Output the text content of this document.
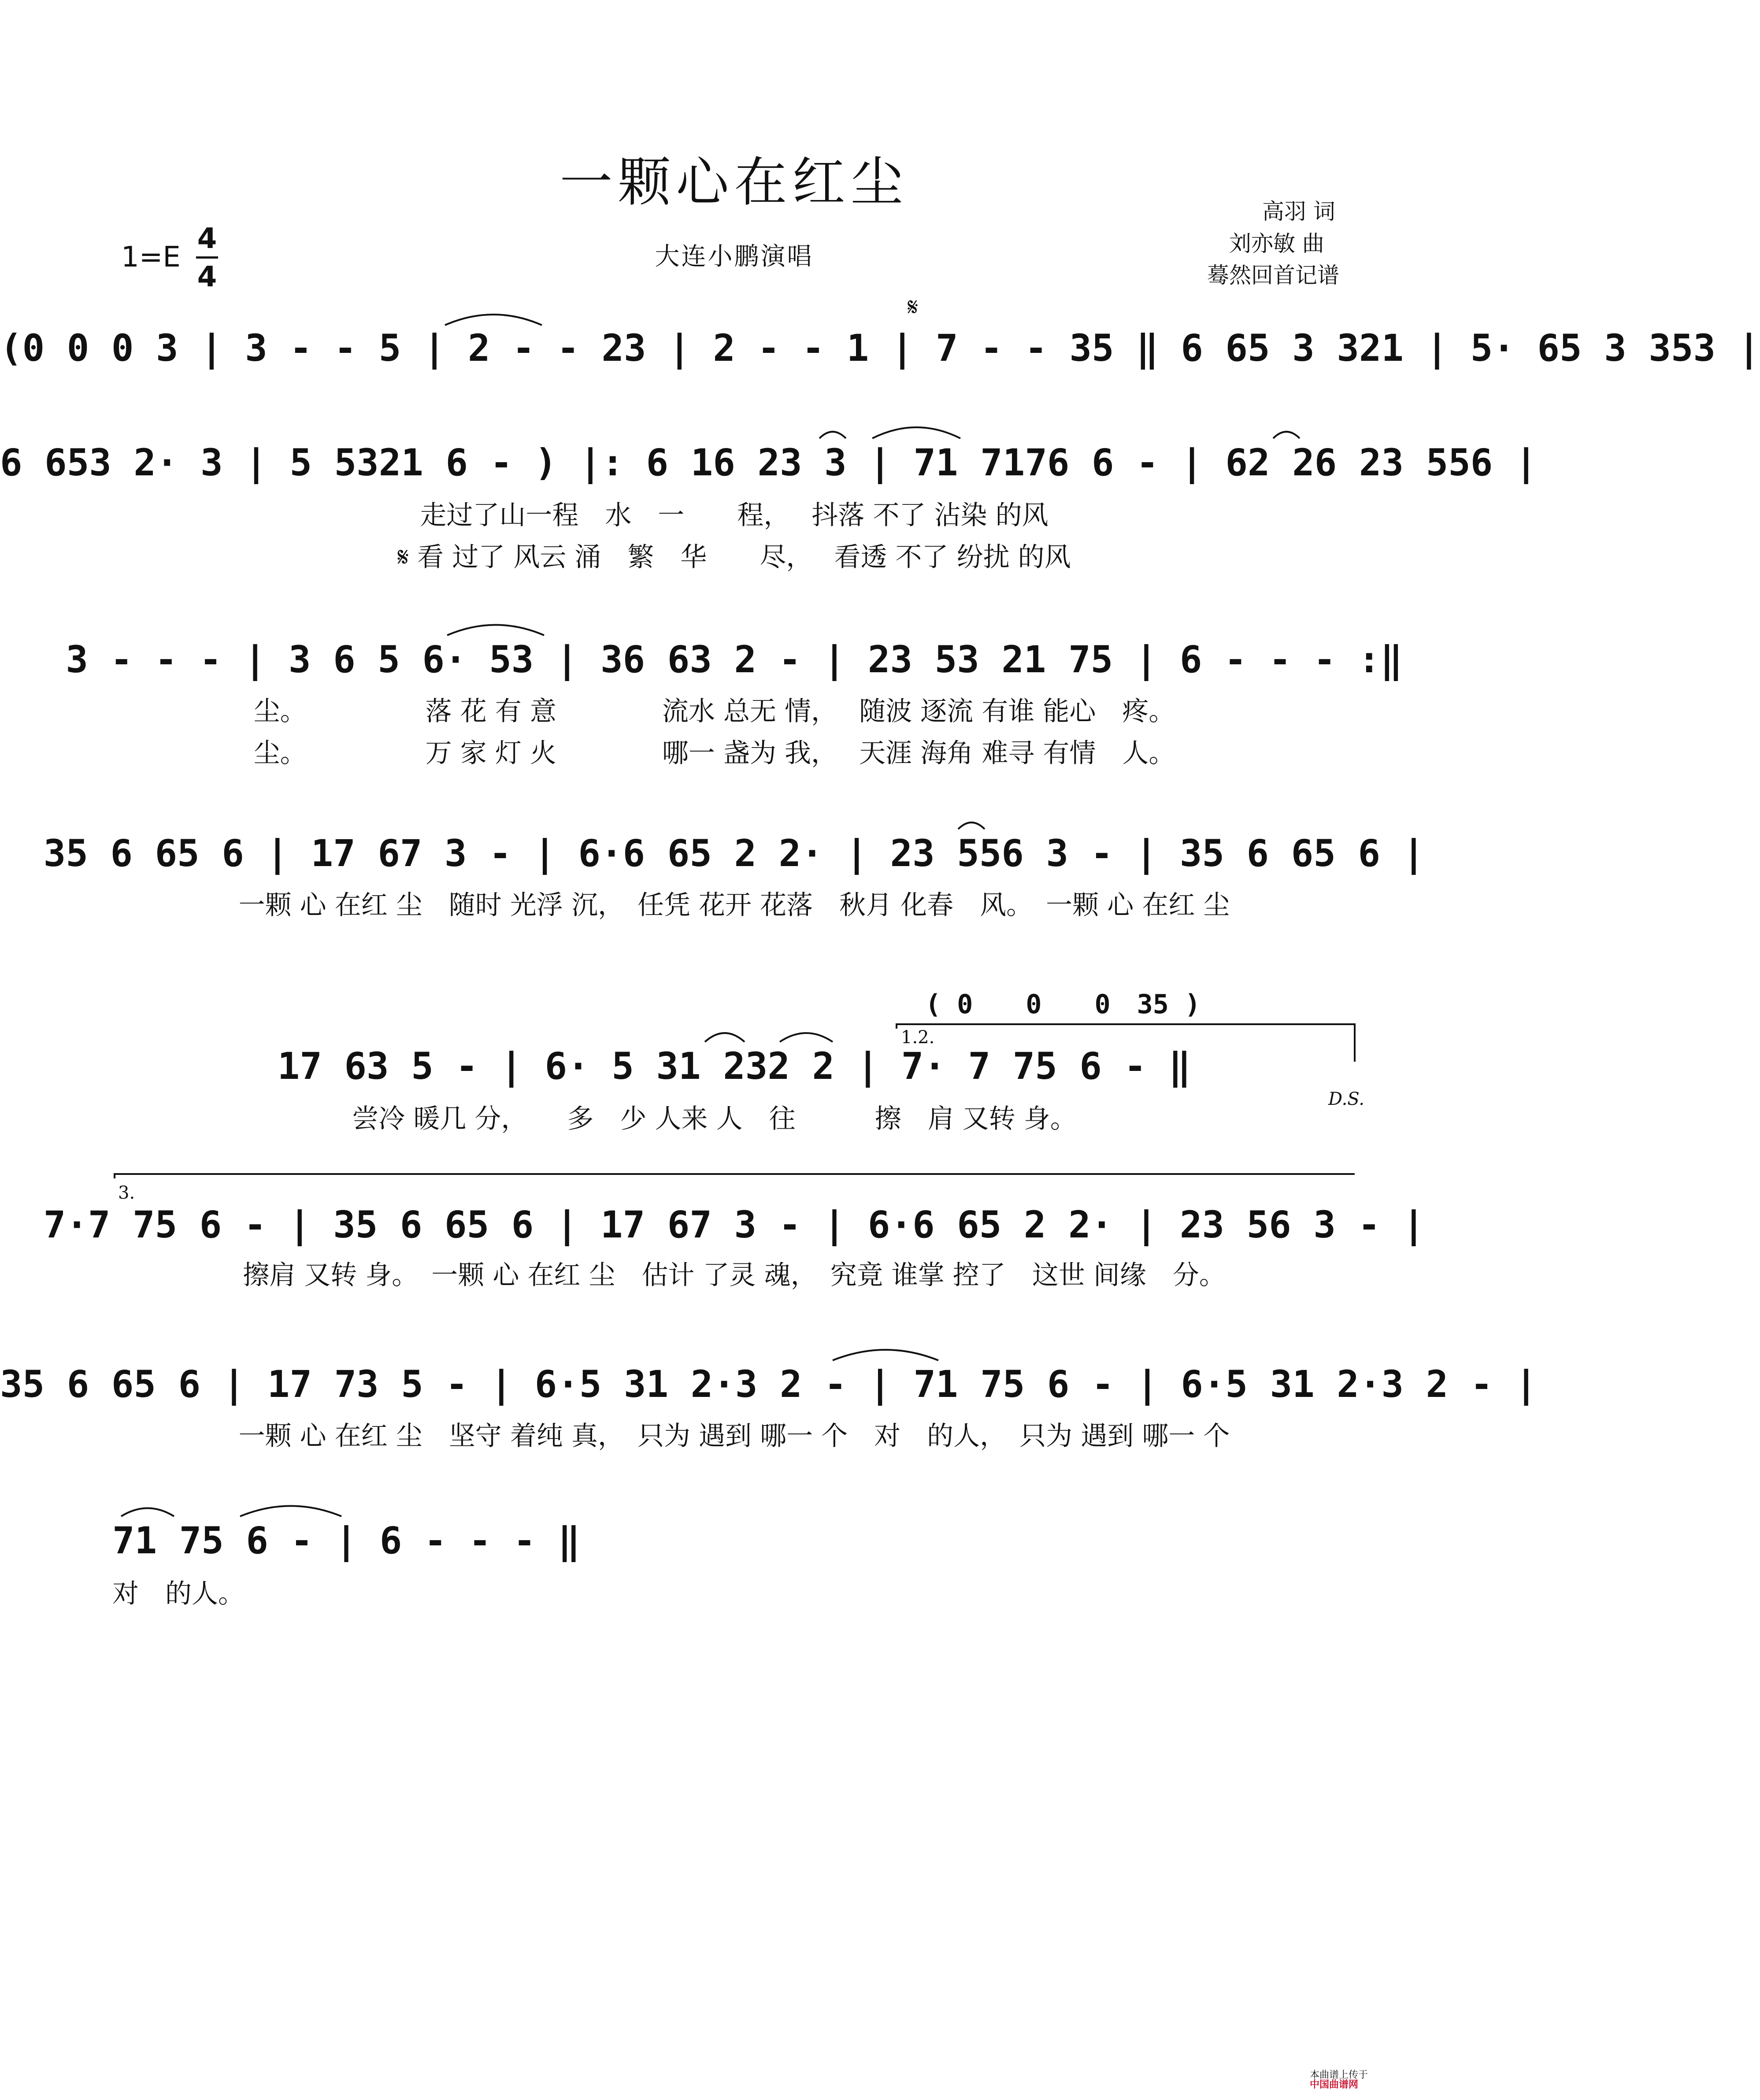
一颗心在红尘
大连小鹏演唱
高羽 词
刘亦敏 曲
蓦然回首记谱
1=E
4
4
𝄋
(0 0 0 3 | 3 - - 5 | 2 - - 23 | 2 - - 1 | 7 - - 35 ‖ 6 65 3 321 | 5· 65 3 353 |
6 653 2· 3 | 5 5321 6 - ) |: 6 16 23 3 | 71 7176 6 - | 62 26 23 556 |
走过了山一程　水　一　　程，　 抖落 不了 沾染 的风
𝄋 看 过了 风云 涌　繁　华　　尽，　 看透 不了 纷扰 的风
3 - - - | 3 6 5 6· 53 | 36 63 2 - | 23 53 21 75 | 6 - - - :‖
尘。　　　　　落 花 有 意　　　　流水 总无 情，　 随波 逐流 有谁 能心　疼。　　
尘。　　　　　万 家 灯 火　　　　哪一 盏为 我，　 天涯 海角 难寻 有情　人。　　
35 6 65 6 | 17 67 3 - | 6·6 65 2 2· | 23 556 3 - | 35 6 65 6 |
一颗 心 在红 尘　随时 光浮 沉，　任凭 花开 花落　秋月 化春　风。　一颗 心 在红 尘
( 0　　0　　0　35 )
1.2.
17 63 5 - | 6· 5 31 232 2 | 7· 7 75 6 - ‖
D.S.
尝冷 暖几 分，　　多　少 人来 人　往　　　擦　肩 又转 身。　　
3.
7·7 75 6 - | 35 6 65 6 | 17 67 3 - | 6·6 65 2 2· | 23 56 3 - |
擦肩 又转 身。　一颗 心 在红 尘　估计 了灵 魂，　究竟 谁掌 控了　这世 间缘　分。
35 6 65 6 | 17 73 5 - | 6·5 31 2·3 2 - | 71 75 6 - | 6·5 31 2·3 2 - |
一颗 心 在红 尘　坚守 着纯 真，　只为 遇到 哪一 个　对　的人，　只为 遇到 哪一 个
71 75 6 - | 6 - - - ‖
对　的人。

本曲谱上传于
中国曲谱网
